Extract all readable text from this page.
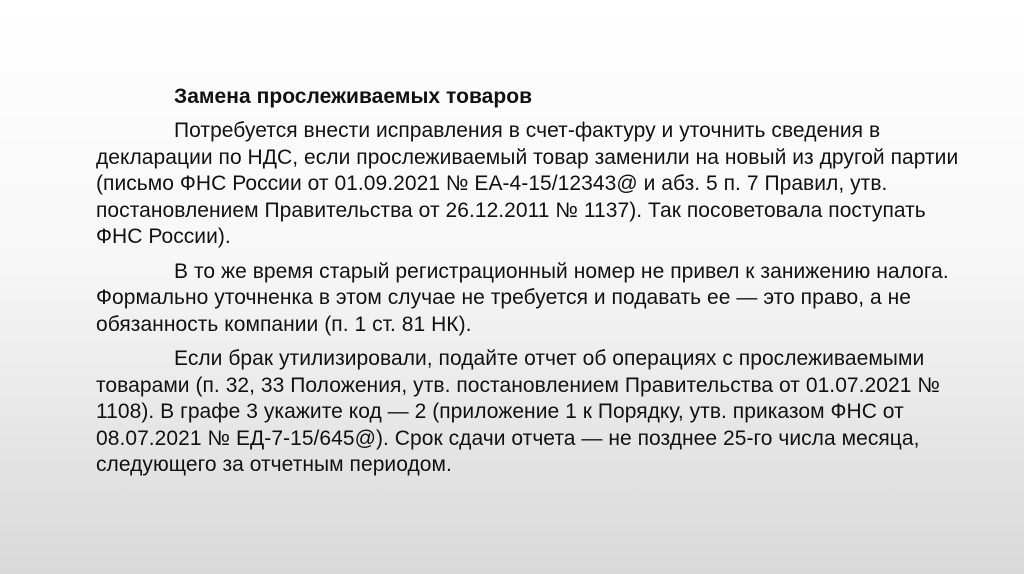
Замена прослеживаемых товаров

Потребуется внести исправления в счет-фактуру и уточнить сведения в декларации по НДС, если прослеживаемый товар заменили на новый из другой партии (письмо ФНС России от 01.09.2021 № ЕА-4-15/12343@ и абз. 5 п. 7 Правил, утв. постановлением Правительства от 26.12.2011 № 1137). Так посоветовала поступать ФНС России).

В то же время старый регистрационный номер не привел к занижению налога. Формально уточненка в этом случае не требуется и подавать ее — это право, а не обязанность компании (п. 1 ст. 81 НК).

Если брак утилизировали, подайте отчет об операциях с прослеживаемыми товарами (п. 32, 33 Положения, утв. постановлением Правительства от 01.07.2021 № 1108). В графе 3 укажите код — 2 (приложение 1 к Порядку, утв. приказом ФНС от 08.07.2021 № ЕД-7-15/645@). Срок сдачи отчета — не позднее 25-го числа месяца, следующего за отчетным периодом.
